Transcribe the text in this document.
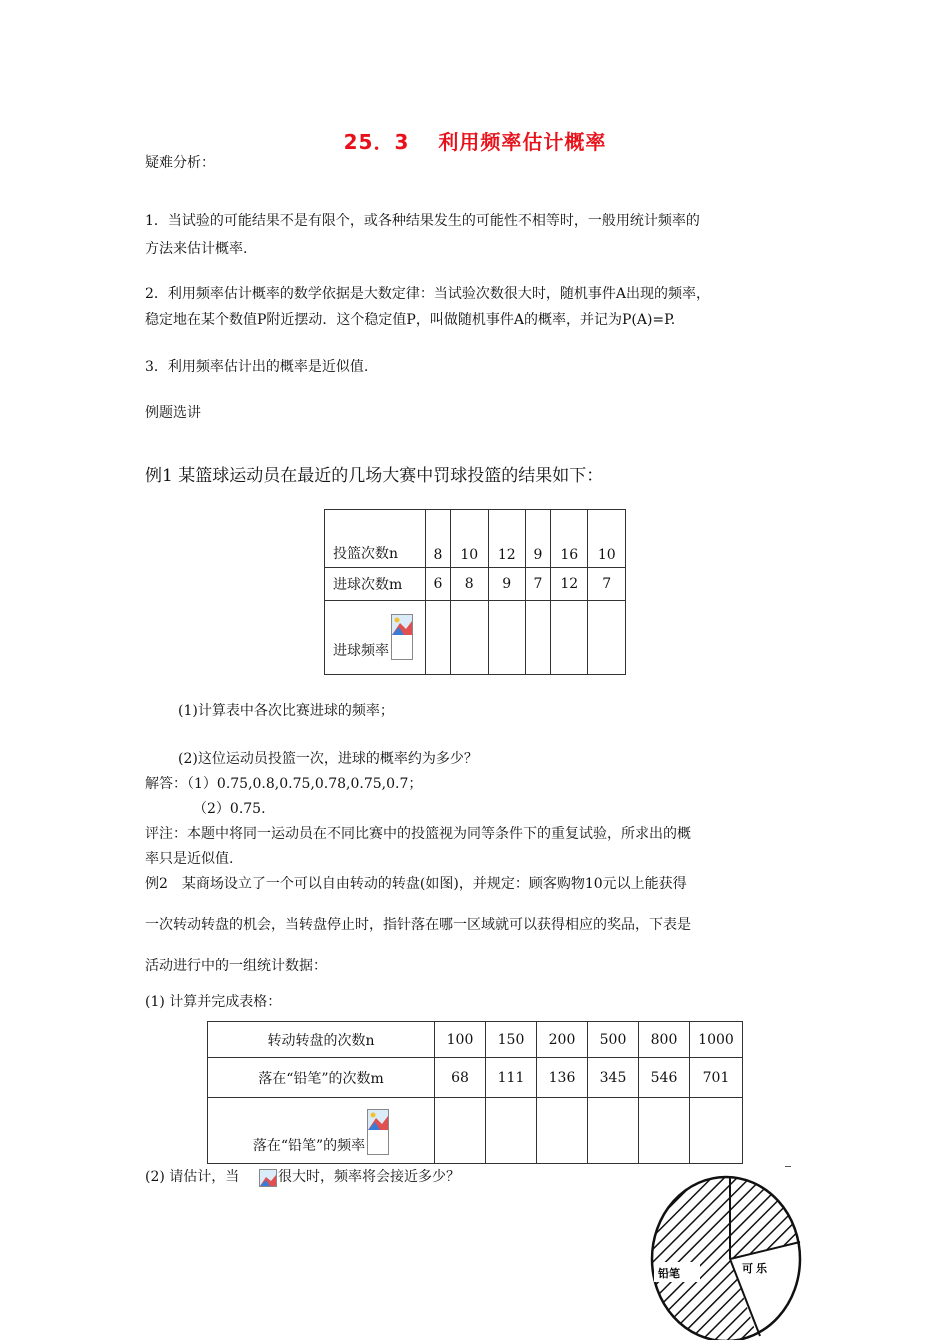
25．3　 利用频率估计概率
疑难分析：
1．当试验的可能结果不是有限个，或各种结果发生的可能性不相等时，一般用统计频率的
方法来估计概率.
2．利用频率估计概率的数学依据是大数定律：当试验次数很大时，随机事件A出现的频率，
稳定地在某个数值P附近摆动．这个稳定值P，叫做随机事件A的概率，并记为P(A)=P.
3．利用频率估计出的概率是近似值.
例题选讲
例1 某篮球运动员在最近的几场大赛中罚球投篮的结果如下：
投篮次数n	8	10	12	9	16	10
进球次数m	6	8	9	7	12	7
进球频率

(1)计算表中各次比赛进球的频率；
(2)这位运动员投篮一次，进球的概率约为多少？
解答：（1）0.75,0.8,0.75,0.78,0.75,0.7；
（2）0.75.
评注：本题中将同一运动员在不同比赛中的投篮视为同等条件下的重复试验，所求出的概
率只是近似值.
例2　某商场设立了一个可以自由转动的转盘(如图)，并规定：顾客购物10元以上能获得
一次转动转盘的机会，当转盘停止时，指针落在哪一区域就可以获得相应的奖品，下表是
活动进行中的一组统计数据：
(1) 计算并完成表格：
转动转盘的次数n	100	150	200	500	800	1000
落在“铅笔”的次数m	68	111	136	345	546	701
落在“铅笔”的频率

(2) 请估计，当	很大时，频率将会接近多少？
铅笔	可乐
